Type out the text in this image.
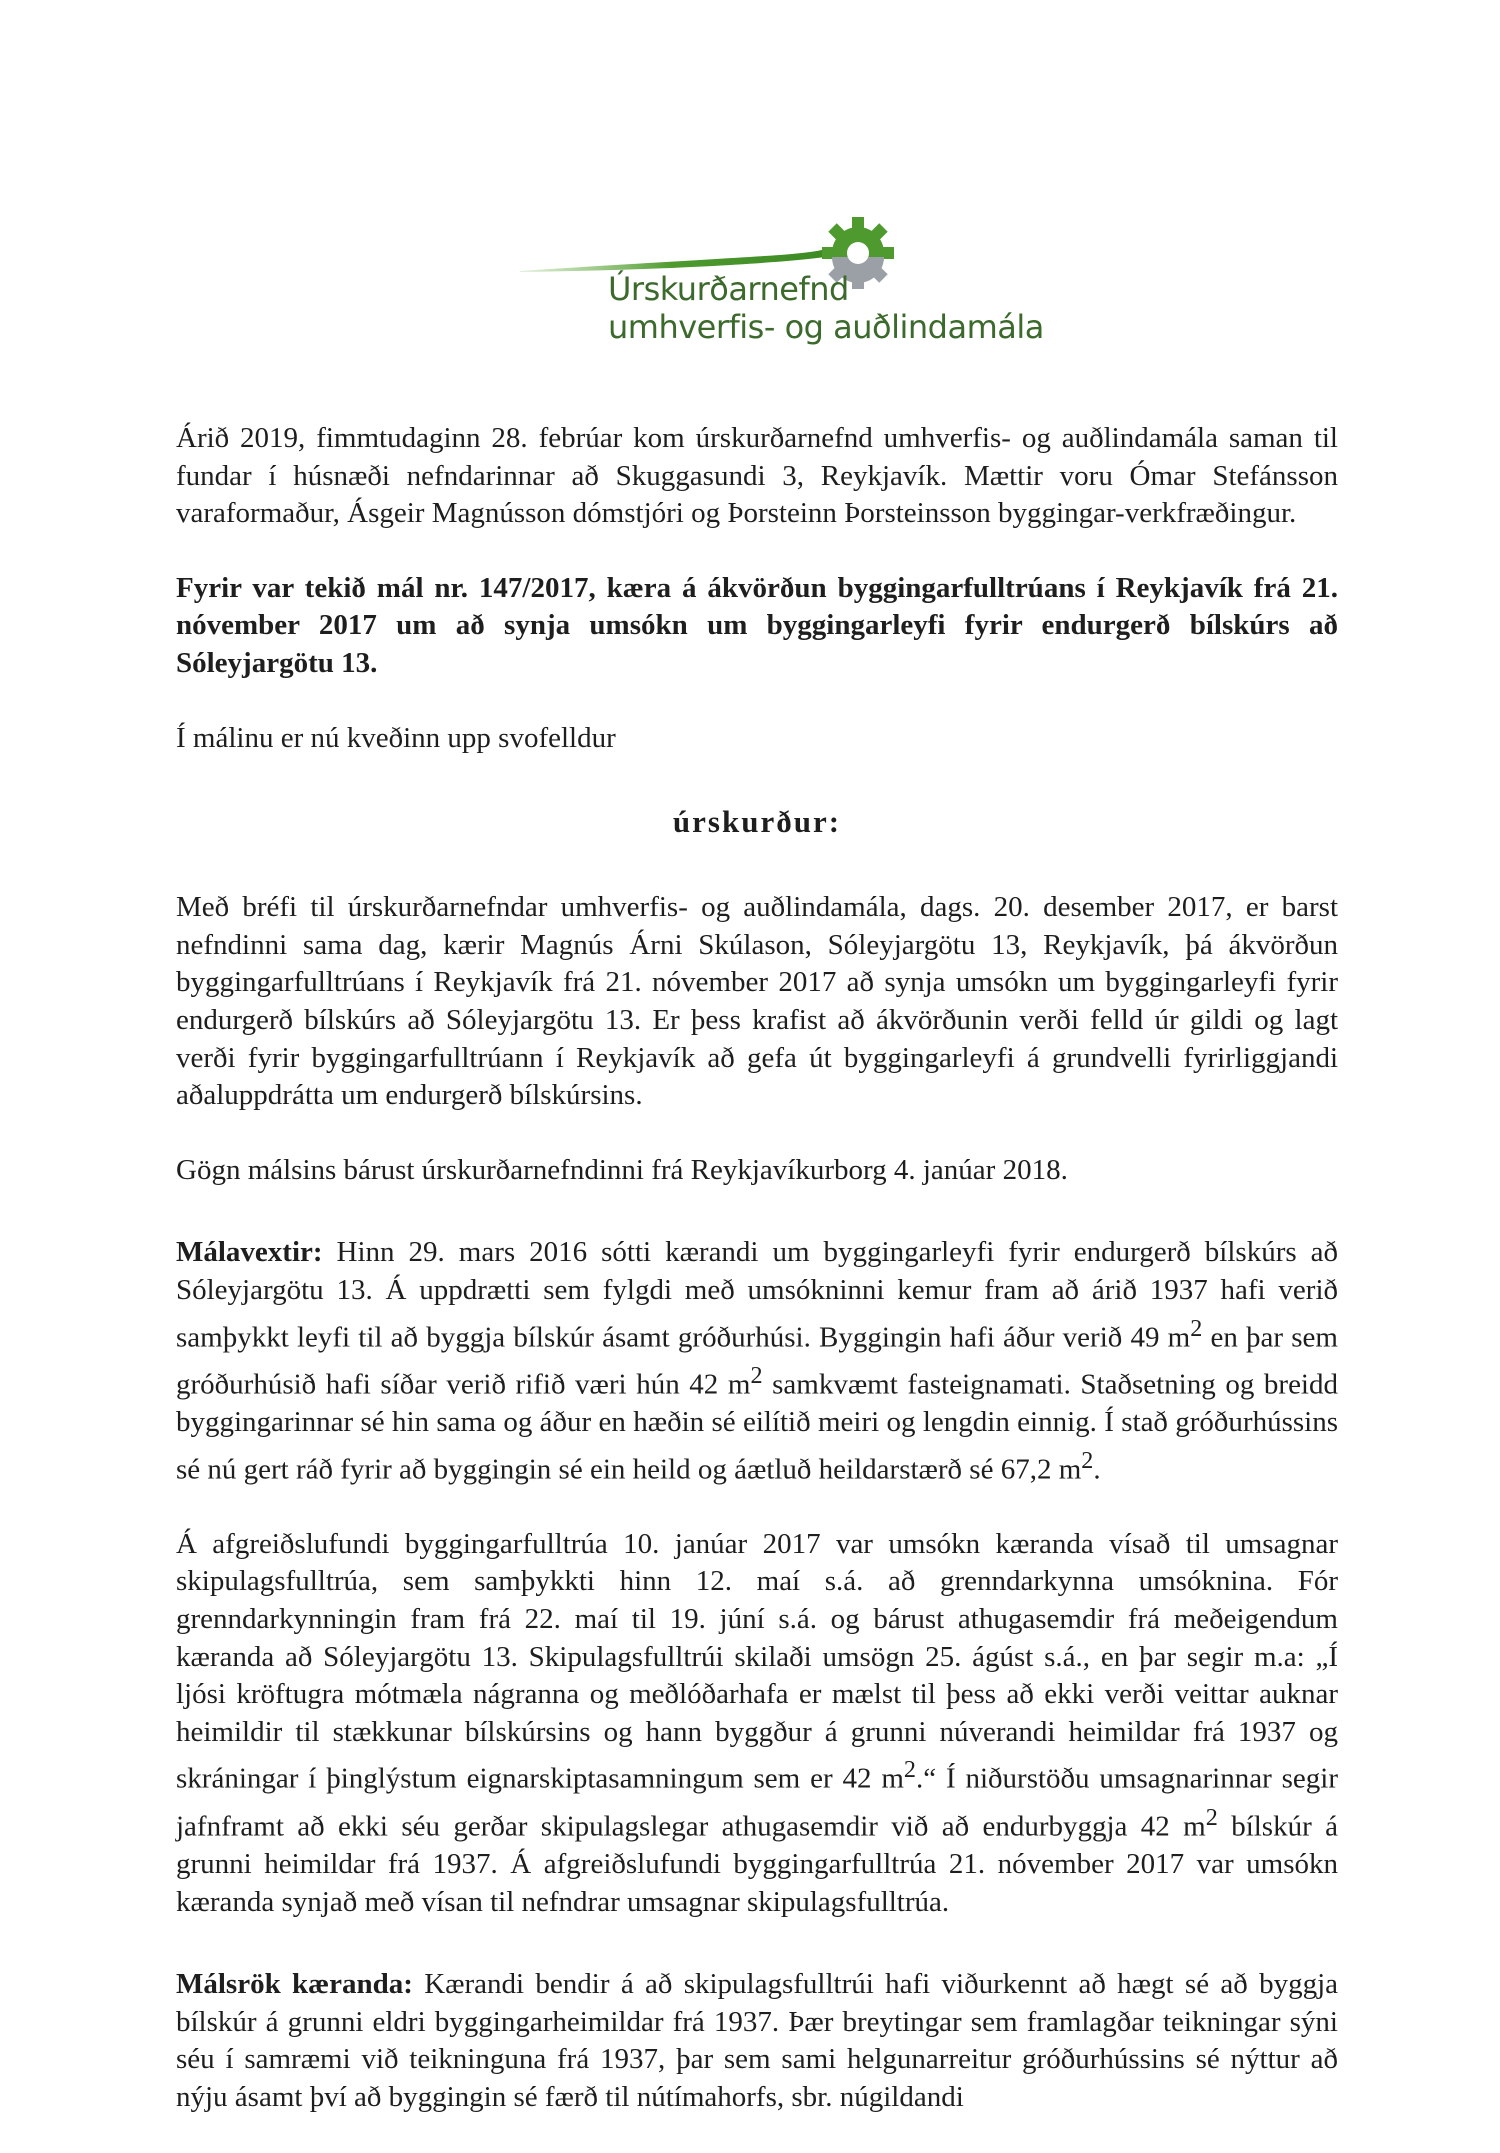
Úrskurðarnefnd
umhverfis- og auðlindamála

Árið 2019, fimmtudaginn 28. febrúar kom úrskurðarnefnd umhverfis- og auðlindamála saman til fundar í húsnæði nefndarinnar að Skuggasundi 3, Reykjavík. Mættir voru Ómar Stefánsson varaformaður, Ásgeir Magnússon dómstjóri og Þorsteinn Þorsteinsson byggingar-verkfræðingur.

Fyrir var tekið mál nr. 147/2017, kæra á ákvörðun byggingarfulltrúans í Reykjavík frá 21. nóvember 2017 um að synja umsókn um byggingarleyfi fyrir endurgerð bílskúrs að Sóleyjargötu 13.

Í málinu er nú kveðinn upp svofelldur

úrskurður:

Með bréfi til úrskurðarnefndar umhverfis- og auðlindamála, dags. 20. desember 2017, er barst nefndinni sama dag, kærir Magnús Árni Skúlason, Sóleyjargötu 13, Reykjavík, þá ákvörðun byggingarfulltrúans í Reykjavík frá 21. nóvember 2017 að synja umsókn um byggingarleyfi fyrir endurgerð bílskúrs að Sóleyjargötu 13. Er þess krafist að ákvörðunin verði felld úr gildi og lagt verði fyrir byggingarfulltrúann í Reykjavík að gefa út byggingarleyfi á grundvelli fyrirliggjandi aðaluppdrátta um endurgerð bílskúrsins.

Gögn málsins bárust úrskurðarnefndinni frá Reykjavíkurborg 4. janúar 2018.

Málavextir: Hinn 29. mars 2016 sótti kærandi um byggingarleyfi fyrir endurgerð bílskúrs að Sóleyjargötu 13. Á uppdrætti sem fylgdi með umsókninni kemur fram að árið 1937 hafi verið samþykkt leyfi til að byggja bílskúr ásamt gróðurhúsi. Byggingin hafi áður verið 49 $m^2$ en þar sem gróðurhúsið hafi síðar verið rifið væri hún 42 $m^2$ samkvæmt fasteignamati. Staðsetning og breidd byggingarinnar sé hin sama og áður en hæðin sé eilítið meiri og lengdin einnig. Í stað gróðurhússins sé nú gert ráð fyrir að byggingin sé ein heild og áætluð heildarstærð sé 67,2 $m^2$.

Á afgreiðslufundi byggingarfulltrúa 10. janúar 2017 var umsókn kæranda vísað til umsagnar skipulagsfulltrúa, sem samþykkti hinn 12. maí s.á. að grenndarkynna umsóknina. Fór grenndarkynningin fram frá 22. maí til 19. júní s.á. og bárust athugasemdir frá meðeigendum kæranda að Sóleyjargötu 13. Skipulagsfulltrúi skilaði umsögn 25. ágúst s.á., en þar segir m.a: „Í ljósi kröftugra mótmæla nágranna og meðlóðarhafa er mælst til þess að ekki verði veittar auknar heimildir til stækkunar bílskúrsins og hann byggður á grunni núverandi heimildar frá 1937 og skráningar í þinglýstum eignarskiptasamningum sem er 42 $m^2.“$ Í niðurstöðu umsagnarinnar segir jafnframt að ekki séu gerðar skipulagslegar athugasemdir við að endurbyggja 42 $m^2$ bílskúr á grunni heimildar frá 1937. Á afgreiðslufundi byggingarfulltrúa 21. nóvember 2017 var umsókn kæranda synjað með vísan til nefndrar umsagnar skipulagsfulltrúa.

Málsrök kæranda: Kærandi bendir á að skipulagsfulltrúi hafi viðurkennt að hægt sé að byggja bílskúr á grunni eldri byggingarheimildar frá 1937. Þær breytingar sem framlagðar teikningar sýni séu í samræmi við teikninguna frá 1937, þar sem sami helgunarreitur gróðurhússins sé nýttur að nýju ásamt því að byggingin sé færð til nútímahorfs, sbr. núgildandi
